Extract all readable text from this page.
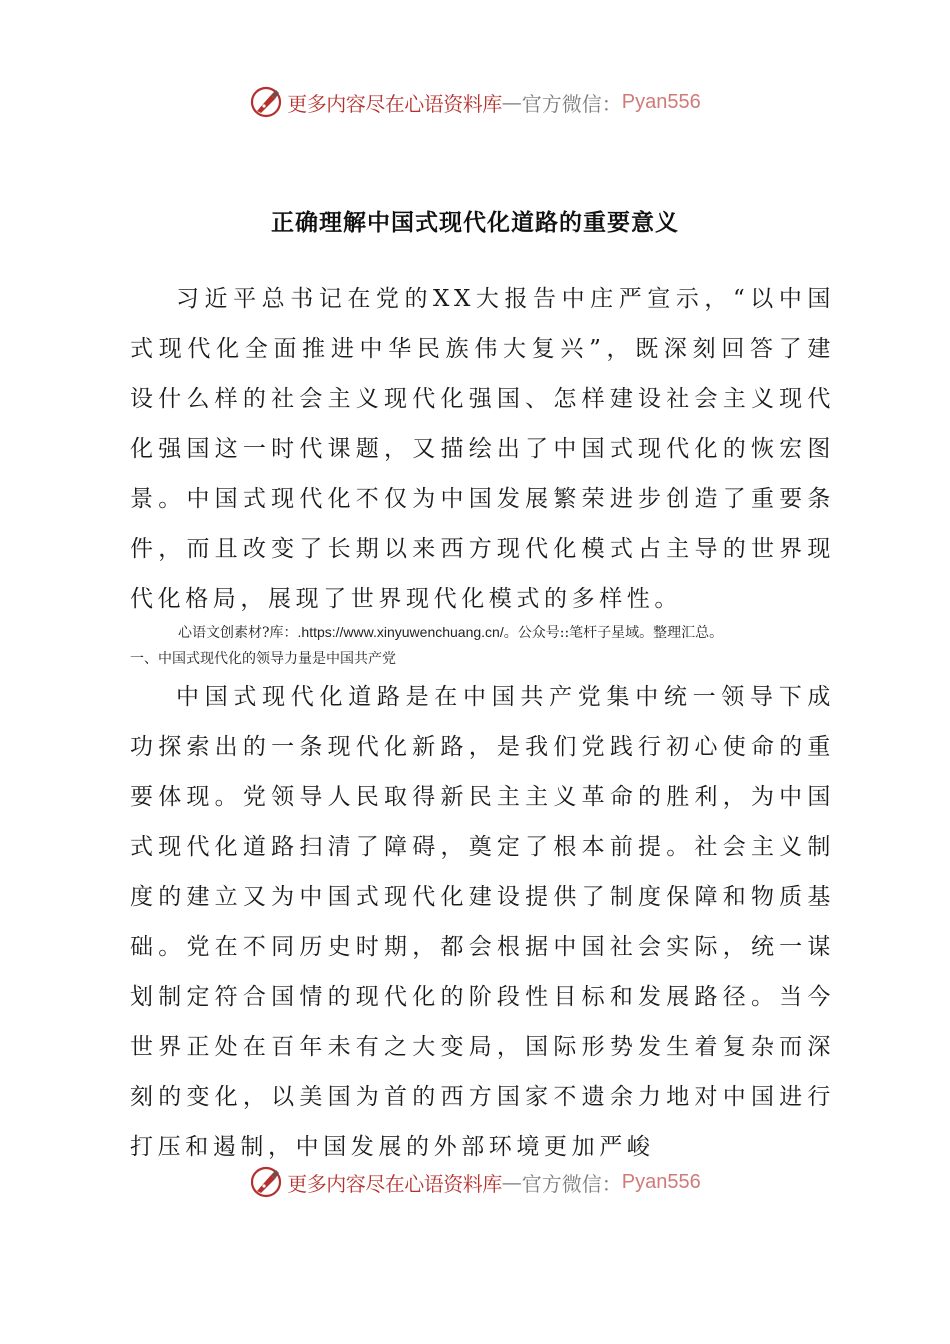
更多内容尽在心语资料库 — 官方微信： Pyan556
正确理解中国式现代化道路的重要意义

习近平总书记在党的XX大报告中庄严宣示，“以中国式现代化全面推进中华民族伟大复兴”，既深刻回答了建设什么样的社会主义现代化强国、怎样建设社会主义现代化强国这一时代课题，又描绘出了中国式现代化的恢宏图景。中国式现代化不仅为中国发展繁荣进步创造了重要条件，而且改变了长期以来西方现代化模式占主导的世界现代化格局，展现了世界现代化模式的多样性。

心语文创素材?库：.https://www.xinyuwenchuang.cn/。公众号::笔杆子星域。整理汇总。
一、中国式现代化的领导力量是中国共产党

中国式现代化道路是在中国共产党集中统一领导下成功探索出的一条现代化新路，是我们党践行初心使命的重要体现。党领导人民取得新民主主义革命的胜利，为中国式现代化道路扫清了障碍，奠定了根本前提。社会主义制度的建立又为中国式现代化建设提供了制度保障和物质基础。党在不同历史时期，都会根据中国社会实际，统一谋划制定符合国情的现代化的阶段性目标和发展路径。当今世界正处在百年未有之大变局，国际形势发生着复杂而深刻的变化，以美国为首的西方国家不遗余力地对中国进行打压和遏制，中国发展的外部环境更加严峻

更多内容尽在心语资料库 — 官方微信： Pyan556
